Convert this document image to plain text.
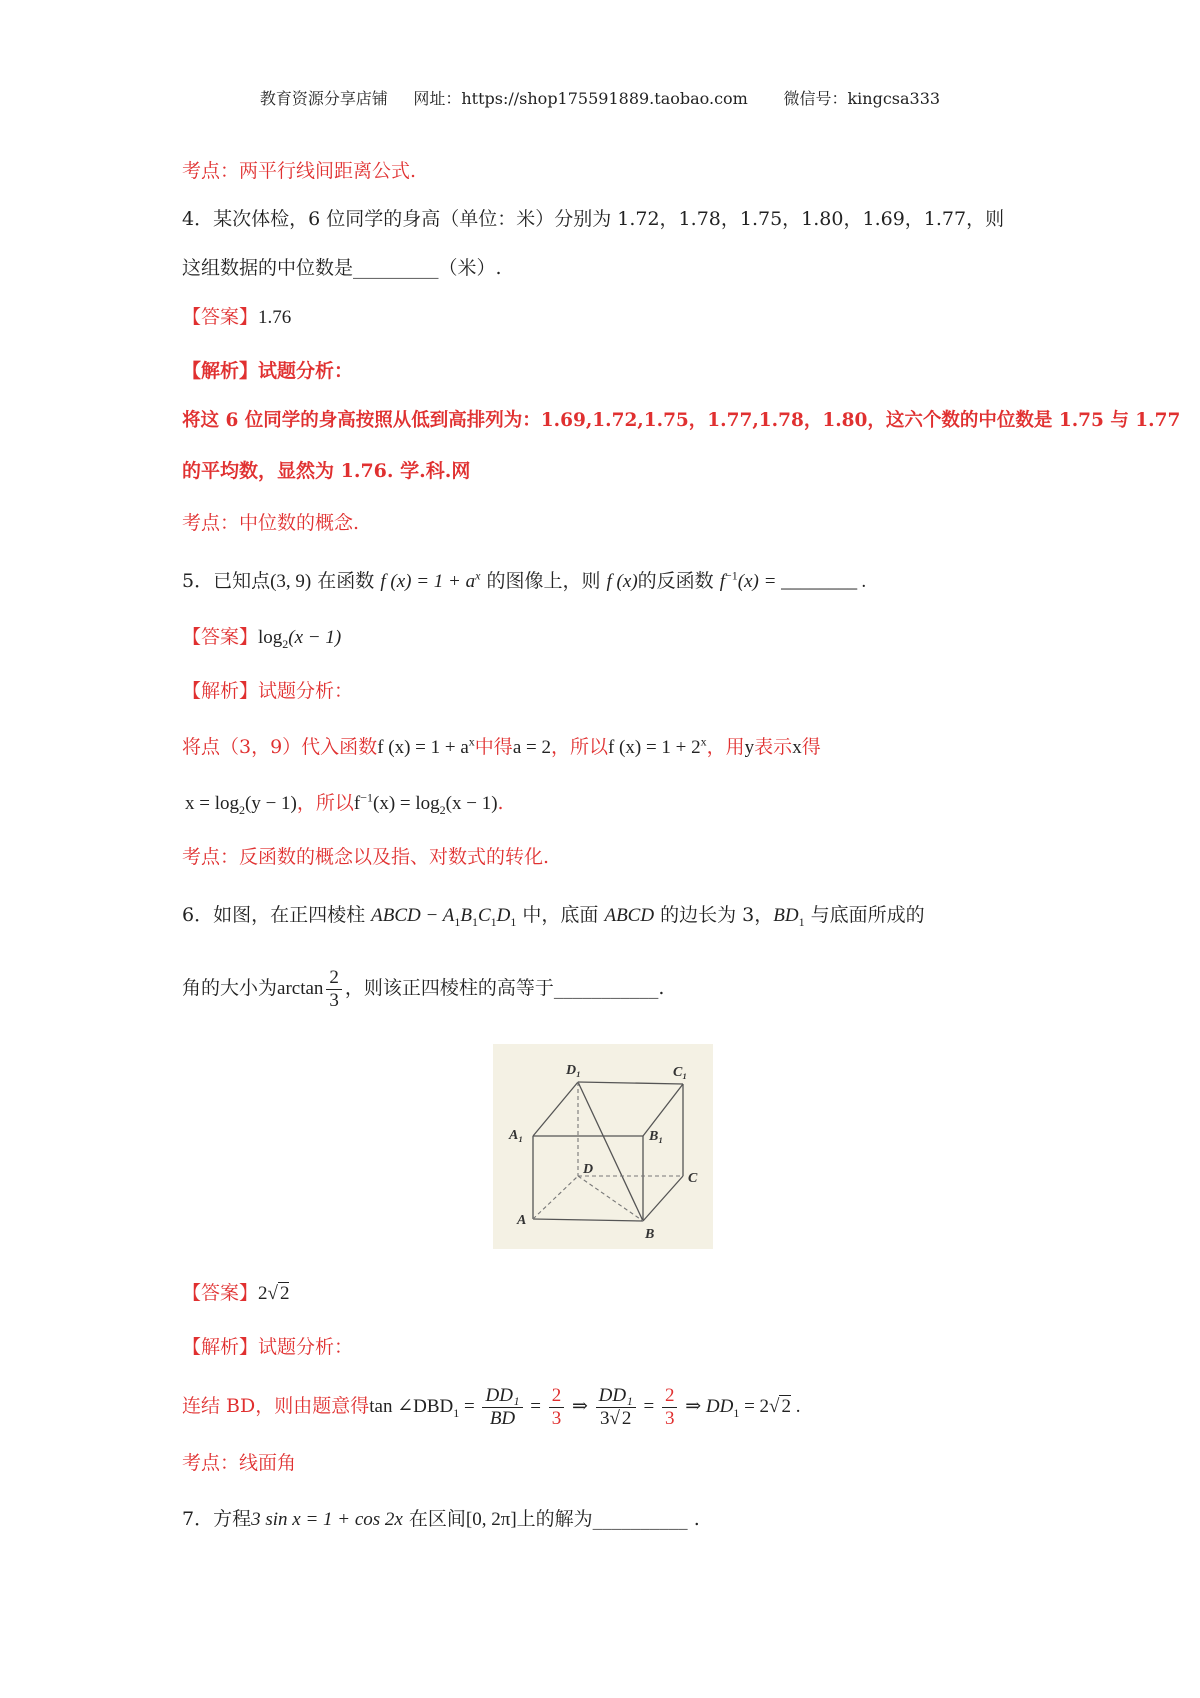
教育资源分享店铺 网址：https://shop175591889.taobao.com 微信号：kingcsa333
考点：两平行线间距离公式.
4．某次体检，6 位同学的身高（单位：米）分别为 1.72，1.78，1.75，1.80，1.69，1.77，则
这组数据的中位数是_________（米）.
【答案】1.76
【解析】试题分析：
将这 6 位同学的身高按照从低到高排列为：1.69,1.72,1.75，1.77,1.78，1.80，这六个数的中位数是 1.75 与 1.77
的平均数，显然为 1.76. 学.科.网
考点：中位数的概念.
5．已知点(3, 9) 在函数 f $(x) = 1 + a^x$ 的图像上，则 f (x)的反函数 $f^{-1}(x)$ = ________ .
【答案】$\log_2(x - 1)$
【解析】试题分析：
将点（3，9）代入函数f $(x) = 1 + a^x$中得a = 2，所以f $(x) = 1 + 2^x$，用y表示x得
$x = \log_2(y - 1)$，所以$f^{-1}(x) = \log_2(x - 1)$.
考点：反函数的概念以及指、对数式的转化.
6．如图，在正四棱柱 ABCD − $A_1B_1C_1D_1$ 中，底面 ABCD 的边长为 3，$BD_1$ 与底面所成的
角的大小为$\arctan \frac{2}{3}$ ，则该正四棱柱的高等于___________.
D₁	C₁
A₁	B₁
D
C
A
B
【答案】2√ 2
【解析】试题分析：
连结 BD，则由题意得$\tan \angle DBD_1 = \frac{\text{DD₁}}{BD} = \frac{2}{3}$ ⇒ $\frac{\text{DD₁}}{3√ 2} = \frac{2}{3}$ ⇒ $DD_1 = 2√$ 2 .
考点：线面角
7．方程3 sin x = 1 + cos 2x 在区间[0, 2π]上的解为__________ .
